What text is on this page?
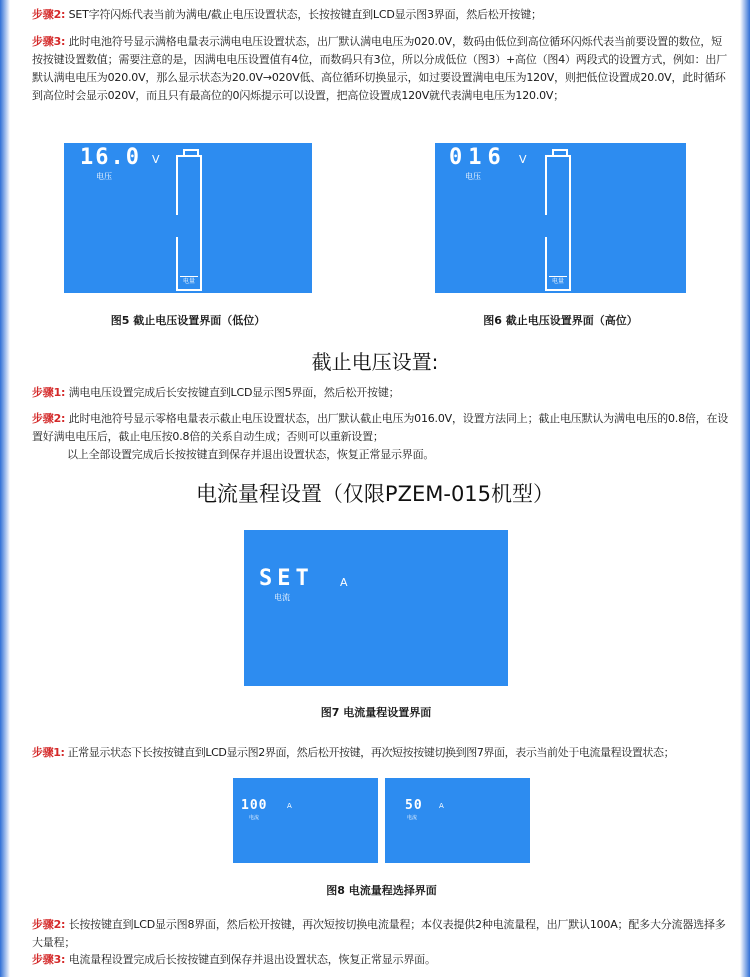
步骤2: SET字符闪烁代表当前为满电/截止电压设置状态，长按按键直到LCD显示图3界面，然后松开按键；
步骤3: 此时电池符号显示满格电量表示满电电压设置状态，出厂默认满电电压为020.0V，数码由低位到高位循环闪烁代表当前要设置的数位，短按按键设置数值；需要注意的是，因满电电压设置值有4位，而数码只有3位，所以分成低位（图3）+高位（图4）两段式的设置方式，例如：出厂默认满电电压为020.0V，那么显示状态为20.0V→020V低、高位循环切换显示，如过要设置满电电压为120V，则把低位设置成20.0V，此时循环到高位时会显示020V，而且只有最高位的0闪烁提示可以设置，把高位设置成120V就代表满电电压为120.0V；
16.0 V
电压
电量
图5 截止电压设置界面（低位）
016 V
电压
电量
图6 截止电压设置界面（高位）
截止电压设置:
步骤1: 满电电压设置完成后长安按键直到LCD显示图5界面，然后松开按键；
步骤2: 此时电池符号显示零格电量表示截止电压设置状态，出厂默认截止电压为016.0V，设置方法同上；截止电压默认为满电电压的0.8倍，在设置好满电电压后，截止电压按0.8倍的关系自动生成；否则可以重新设置；
以上全部设置完成后长按按键直到保存并退出设置状态，恢复正常显示界面。
电流量程设置（仅限PZEM-015机型）
SET A
电流
图7 电流量程设置界面
步骤1: 正常显示状态下长按按键直到LCD显示图2界面，然后松开按键，再次短按按键切换到图7界面，表示当前处于电流量程设置状态；
100	A
电流
50 A
电流
图8 电流量程选择界面
步骤2: 长按按键直到LCD显示图8界面，然后松开按键，再次短按切换电流量程；本仪表提供2种电流量程，出厂默认100A；配多大分流器选择多大量程；
步骤3: 电流量程设置完成后长按按键直到保存并退出设置状态，恢复正常显示界面。
